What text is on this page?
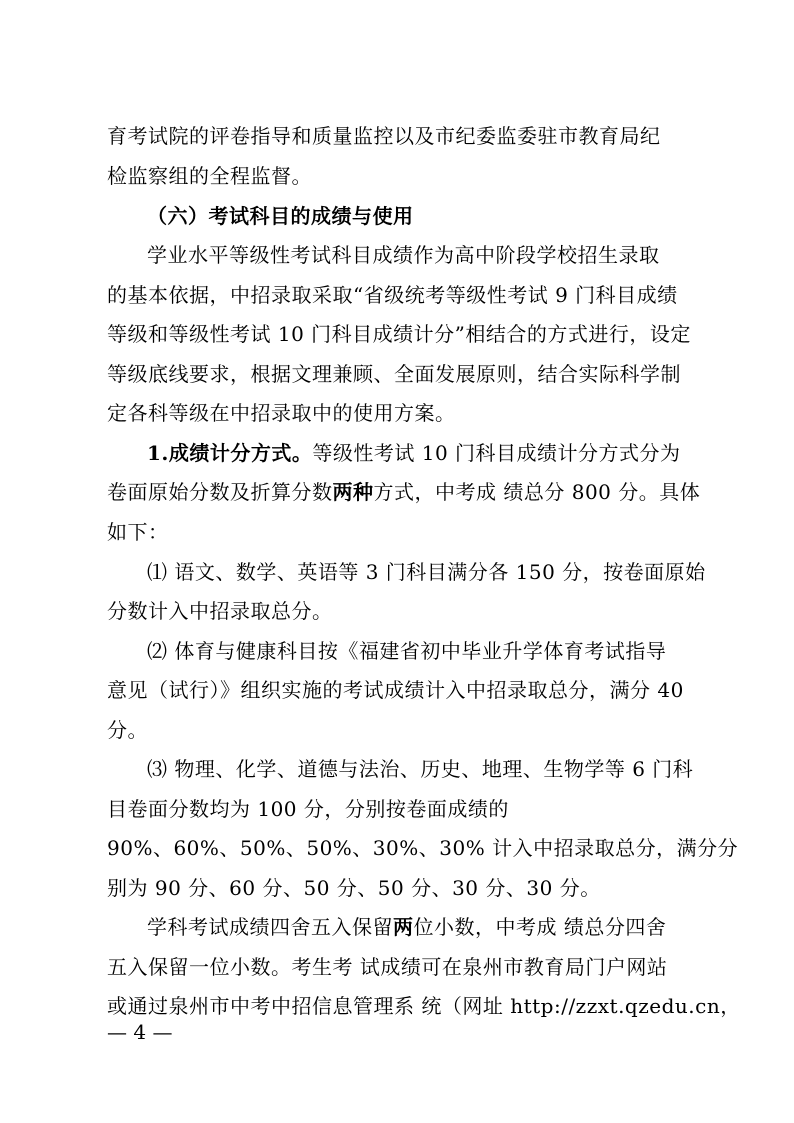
育考试院的评卷指导和质量监控以及市纪委监委驻市教育局纪
检监察组的全程监督。
（六）考试科目的成绩与使用
学业水平等级性考试科目成绩作为高中阶段学校招生录取
的基本依据，中招录取采取“省级统考等级性考试 9 门科目成绩
等级和等级性考试 10 门科目成绩计分”相结合的方式进行，设定
等级底线要求，根据文理兼顾、全面发展原则，结合实际科学制
定各科等级在中招录取中的使用方案。
1.成绩计分方式。等级性考试 10 门科目成绩计分方式分为
卷面原始分数及折算分数两种方式，中考成 绩总分 800 分。具体
如下：
⑴ 语文、数学、英语等 3 门科目满分各 150 分，按卷面原始
分数计入中招录取总分。
⑵ 体育与健康科目按《福建省初中毕业升学体育考试指导
意见（试行）》组织实施的考试成绩计入中招录取总分，满分 40
分。
⑶ 物理、化学、道德与法治、历史、地理、生物学等 6 门科
目卷面分数均为 100 分，分别按卷面成绩的
90%、60%、50%、50%、30%、30% 计入中招录取总分，满分分
别为 90 分、60 分、50 分、50 分、30 分、30 分。
学科考试成绩四舍五入保留两位小数，中考成 绩总分四舍
五入保留一位小数。考生考 试成绩可在泉州市教育局门户网站
或通过泉州市中考中招信息管理系 统（网址 http://zzxt.qzedu.cn，
— 4 —
